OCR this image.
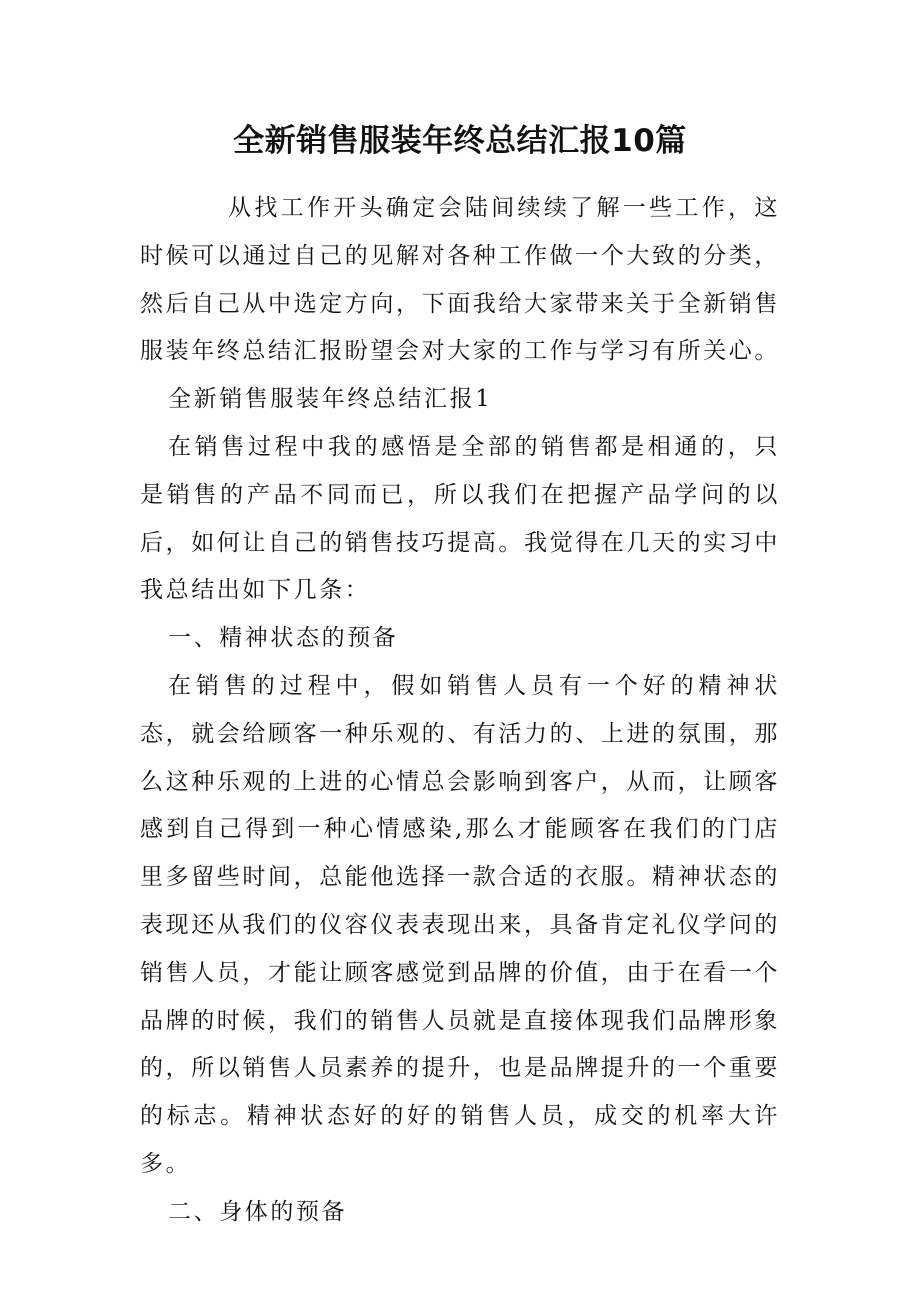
全新销售服装年终总结汇报10篇

从找工作开头确定会陆间续续了解一些工作，这时候可以通过自己的见解对各种工作做一个大致的分类，然后自己从中选定方向，下面我给大家带来关于全新销售服装年终总结汇报盼望会对大家的工作与学习有所关心。

全新销售服装年终总结汇报1

在销售过程中我的感悟是全部的销售都是相通的，只是销售的产品不同而已，所以我们在把握产品学问的以后，如何让自己的销售技巧提高。我觉得在几天的实习中我总结出如下几条：

一、精神状态的预备

在销售的过程中，假如销售人员有一个好的精神状态，就会给顾客一种乐观的、有活力的、上进的氛围，那么这种乐观的上进的心情总会影响到客户，从而，让顾客感到自己得到一种心情感染,那么才能顾客在我们的门店里多留些时间，总能他选择一款合适的衣服。精神状态的表现还从我们的仪容仪表表现出来，具备肯定礼仪学问的销售人员，才能让顾客感觉到品牌的价值，由于在看一个品牌的时候，我们的销售人员就是直接体现我们品牌形象的，所以销售人员素养的提升，也是品牌提升的一个重要的标志。精神状态好的好的销售人员，成交的机率大许多。

二、身体的预备
